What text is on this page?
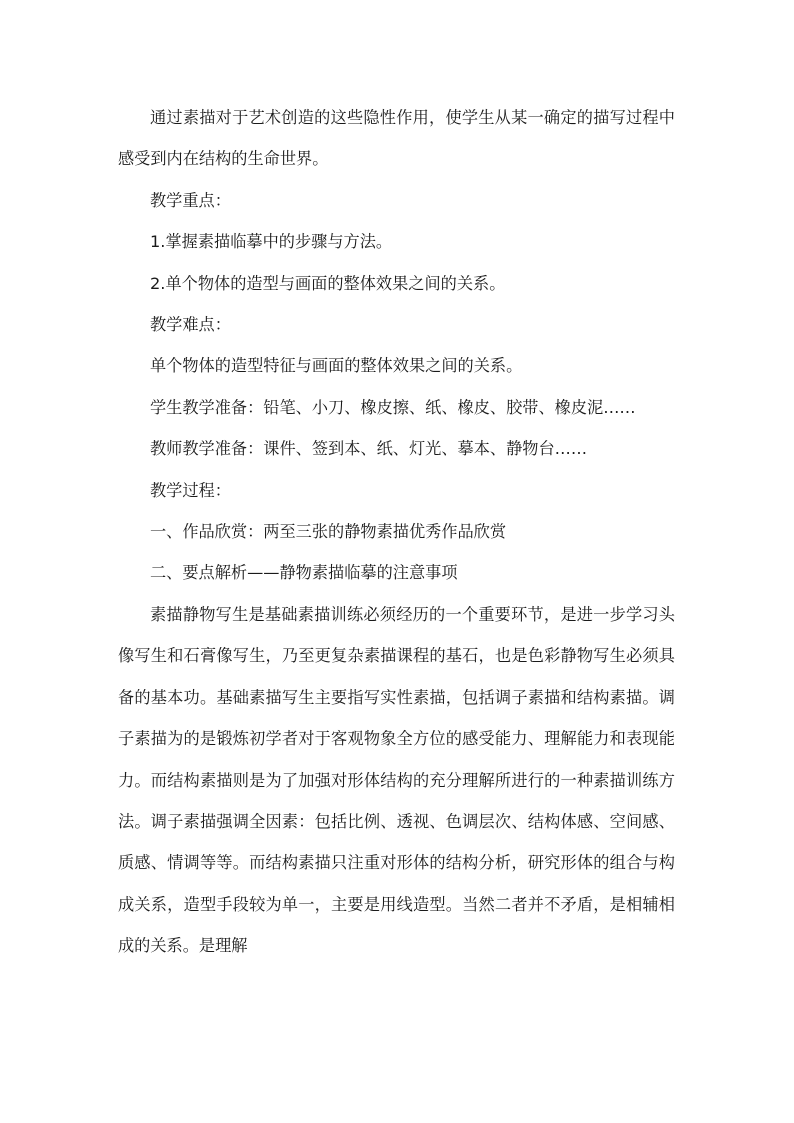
通过素描对于艺术创造的这些隐性作用，使学生从某一确定的描写过程中感受到内在结构的生命世界。

教学重点：

1.掌握素描临摹中的步骤与方法。

2.单个物体的造型与画面的整体效果之间的关系。

教学难点：

单个物体的造型特征与画面的整体效果之间的关系。

学生教学准备：铅笔、小刀、橡皮擦、纸、橡皮、胶带、橡皮泥……

教师教学准备：课件、签到本、纸、灯光、摹本、静物台……

教学过程：

一、作品欣赏：两至三张的静物素描优秀作品欣赏

二、要点解析——静物素描临摹的注意事项

素描静物写生是基础素描训练必须经历的一个重要环节，是进一步学习头像写生和石膏像写生，乃至更复杂素描课程的基石，也是色彩静物写生必须具备的基本功。基础素描写生主要指写实性素描，包括调子素描和结构素描。调子素描为的是锻炼初学者对于客观物象全方位的感受能力、理解能力和表现能力。而结构素描则是为了加强对形体结构的充分理解所进行的一种素描训练方法。调子素描强调全因素：包括比例、透视、色调层次、结构体感、空间感、质感、情调等等。而结构素描只注重对形体的结构分析，研究形体的组合与构成关系，造型手段较为单一，主要是用线造型。当然二者并不矛盾，是相辅相成的关系。是理解
